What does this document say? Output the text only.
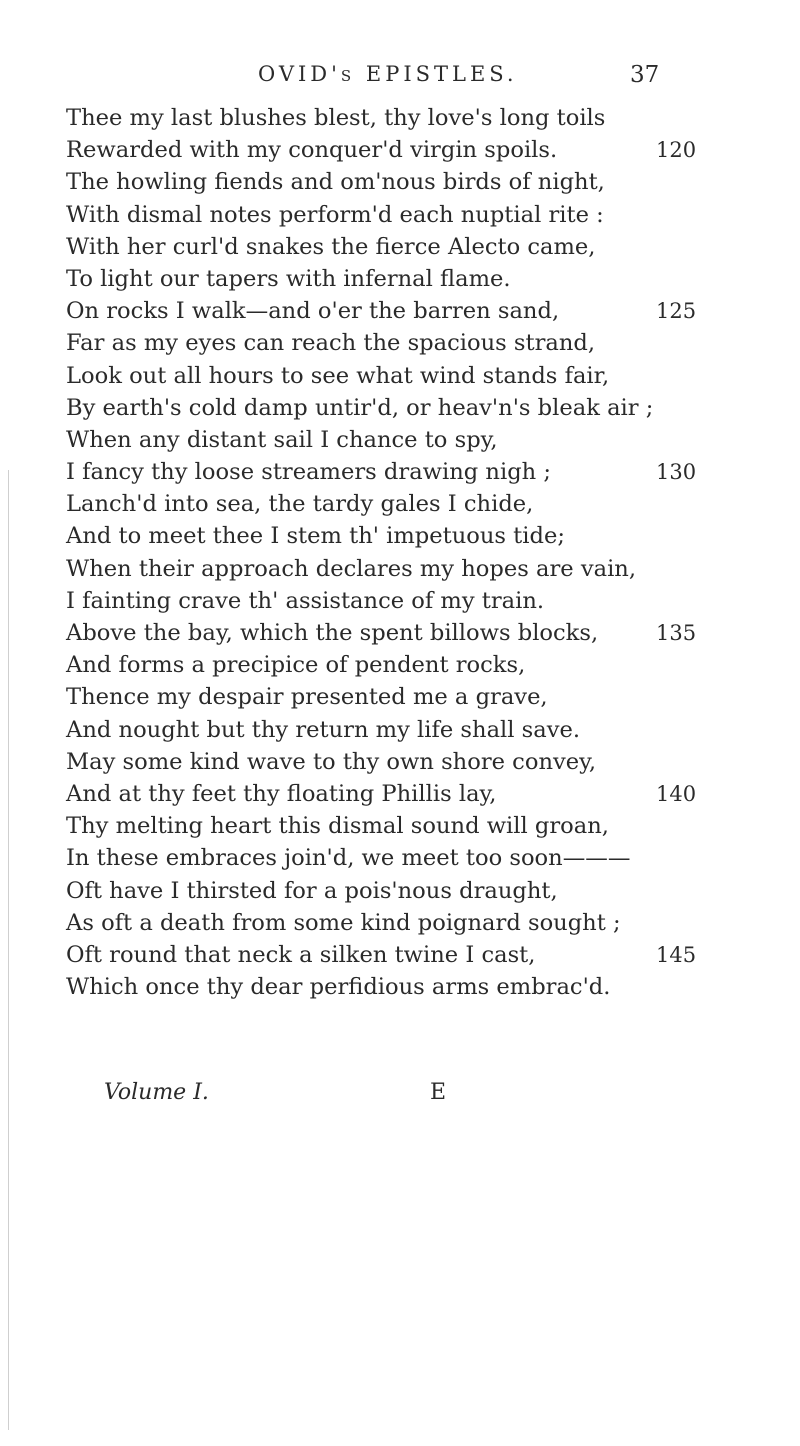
OVID's EPISTLES.	37
Thee my last blushes blest, thy love's long toils
Rewarded with my conquer'd virgin spoils.	120
The howling fiends and om'nous birds of night,
With dismal notes perform'd each nuptial rite :
With her curl'd snakes the fierce Alecto came,
To light our tapers with infernal flame.
On rocks I walk—and o'er the barren sand,	125
Far as my eyes can reach the spacious strand,
Look out all hours to see what wind stands fair,
By earth's cold damp untir'd, or heav'n's bleak air ;
When any distant sail I chance to spy,
I fancy thy loose streamers drawing nigh ;	130
Lanch'd into sea, the tardy gales I chide,
And to meet thee I stem th' impetuous tide;
When their approach declares my hopes are vain,
I fainting crave th' assistance of my train.
Above the bay, which the spent billows blocks,	135
And forms a precipice of pendent rocks,
Thence my despair presented me a grave,
And nought but thy return my life shall save.
May some kind wave to thy own shore convey,
And at thy feet thy floating Phillis lay,	140
Thy melting heart this dismal sound will groan,
In these embraces join'd, we meet too soon———
Oft have I thirsted for a pois'nous draught,
As oft a death from some kind poignard sought ;
Oft round that neck a silken twine I cast,	145
Which once thy dear perfidious arms embrac'd.
Volume I.	E
